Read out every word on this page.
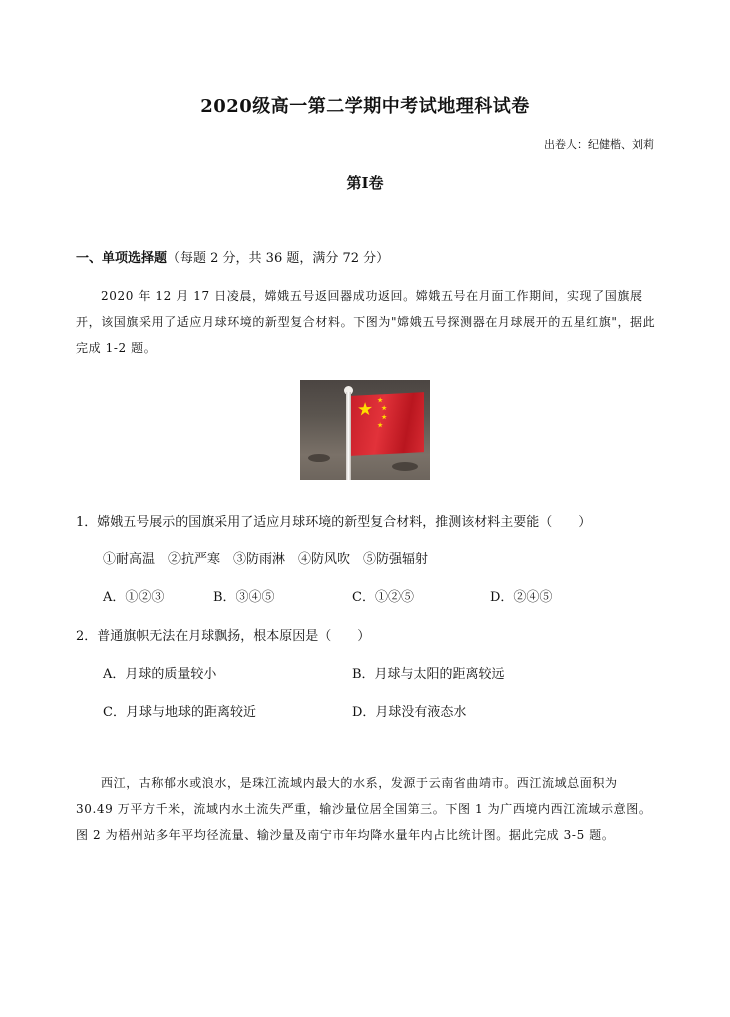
2020级高一第二学期中考试地理科试卷
出卷人：纪健楷、刘莉
第Ⅰ卷
一、单项选择题（每题 2 分，共 36 题，满分 72 分）
2020 年 12 月 17 日凌晨，嫦娥五号返回器成功返回。嫦娥五号在月面工作期间，实现了国旗展开，该国旗采用了适应月球环境的新型复合材料。下图为"嫦娥五号探测器在月球展开的五星红旗"，据此完成 1-2 题。
★ ★
★
★
★
1．嫦娥五号展示的国旗采用了适应月球环境的新型复合材料，推测该材料主要能（　　）
①耐高温　②抗严寒　③防雨淋　④防风吹　⑤防强辐射
A．①②③	B．③④⑤	C．①②⑤	D．②④⑤
2．普通旗帜无法在月球飘扬，根本原因是（　　）
A．月球的质量较小	B．月球与太阳的距离较远
C．月球与地球的距离较近	D．月球没有液态水
西江，古称郁水或浪水，是珠江流域内最大的水系，发源于云南省曲靖市。西江流域总面积为 30.49 万平方千米，流域内水土流失严重，输沙量位居全国第三。下图 1 为广西境内西江流域示意图。图 2 为梧州站多年平均径流量、输沙量及南宁市年均降水量年内占比统计图。据此完成 3-5 题。
